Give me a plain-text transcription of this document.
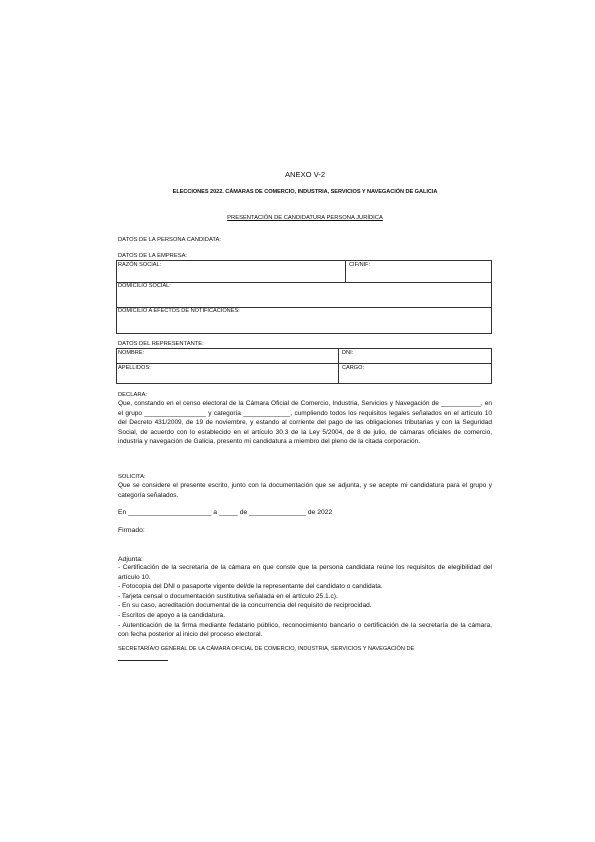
ANEXO V-2
ELECCIONES 2022. CÁMARAS DE COMERCIO, INDUSTRIA, SERVICIOS Y NAVEGACIÓN DE GALICIA
PRESENTACIÓN DE CANDIDATURA PERSONA JURÍDICA
DATOS DE LA PERSONA CANDIDATA:
DATOS DE LA EMPRESA:
RAZÓN SOCIAL:	CIF/NIF:
DOMICILIO SOCIAL:
DOMICILIO A EFECTOS DE NOTIFICACIONES:
DATOS DEL REPRESENTANTE:
NOMBRE:	DNI:
APELLIDOS:	CARGO:
DECLARA:
Que, constando en el censo electoral de la Cámara Oficial de Comercio, Industria, Servicios y Navegación de ___________, en el grupo _________________ y categoría _____________, cumpliendo todos los requisitos legales señalados en el artículo 10 del Decreto 431/2009, de 19 de noviembre, y estando al corriente del pago de las obligaciones tributarias y con la Seguridad Social, de acuerdo con lo establecido en el artículo 30.3 de la Ley 5/2004, de 8 de julio, de cámaras oficiales de comercio, industria y navegación de Galicia, presento mi candidatura a miembro del pleno de la citada corporación.
SOLICITA:
Que se considere el presente escrito, junto con la documentación que se adjunta, y se acepte mi candidatura para el grupo y categoría señalados.
En ______________________ a _____ de _______________ de 2022
Firmado:
Adjunta:
- Certificación de la secretaría de la cámara en que conste que la persona candidata reúne los requisitos de elegibilidad del artículo 10.
- Fotocopia del DNI o pasaporte vigente del/de la representante del candidato o candidata.
- Tarjeta censal o documentación sustitutiva señalada en el artículo 25.1.c).
- En su caso, acreditación documental de la concurrencia del requisito de reciprocidad.
- Escritos de apoyo a la candidatura.
- Autenticación de la firma mediante fedatario público, reconocimiento bancario o certificación de la secretaría de la cámara, con fecha posterior al inicio del proceso electoral.
SECRETARÍA/O GENERAL DE LA CÁMARA OFICIAL DE COMERCIO, INDUSTRIA, SERVICIOS Y NAVEGACIÓN DE
